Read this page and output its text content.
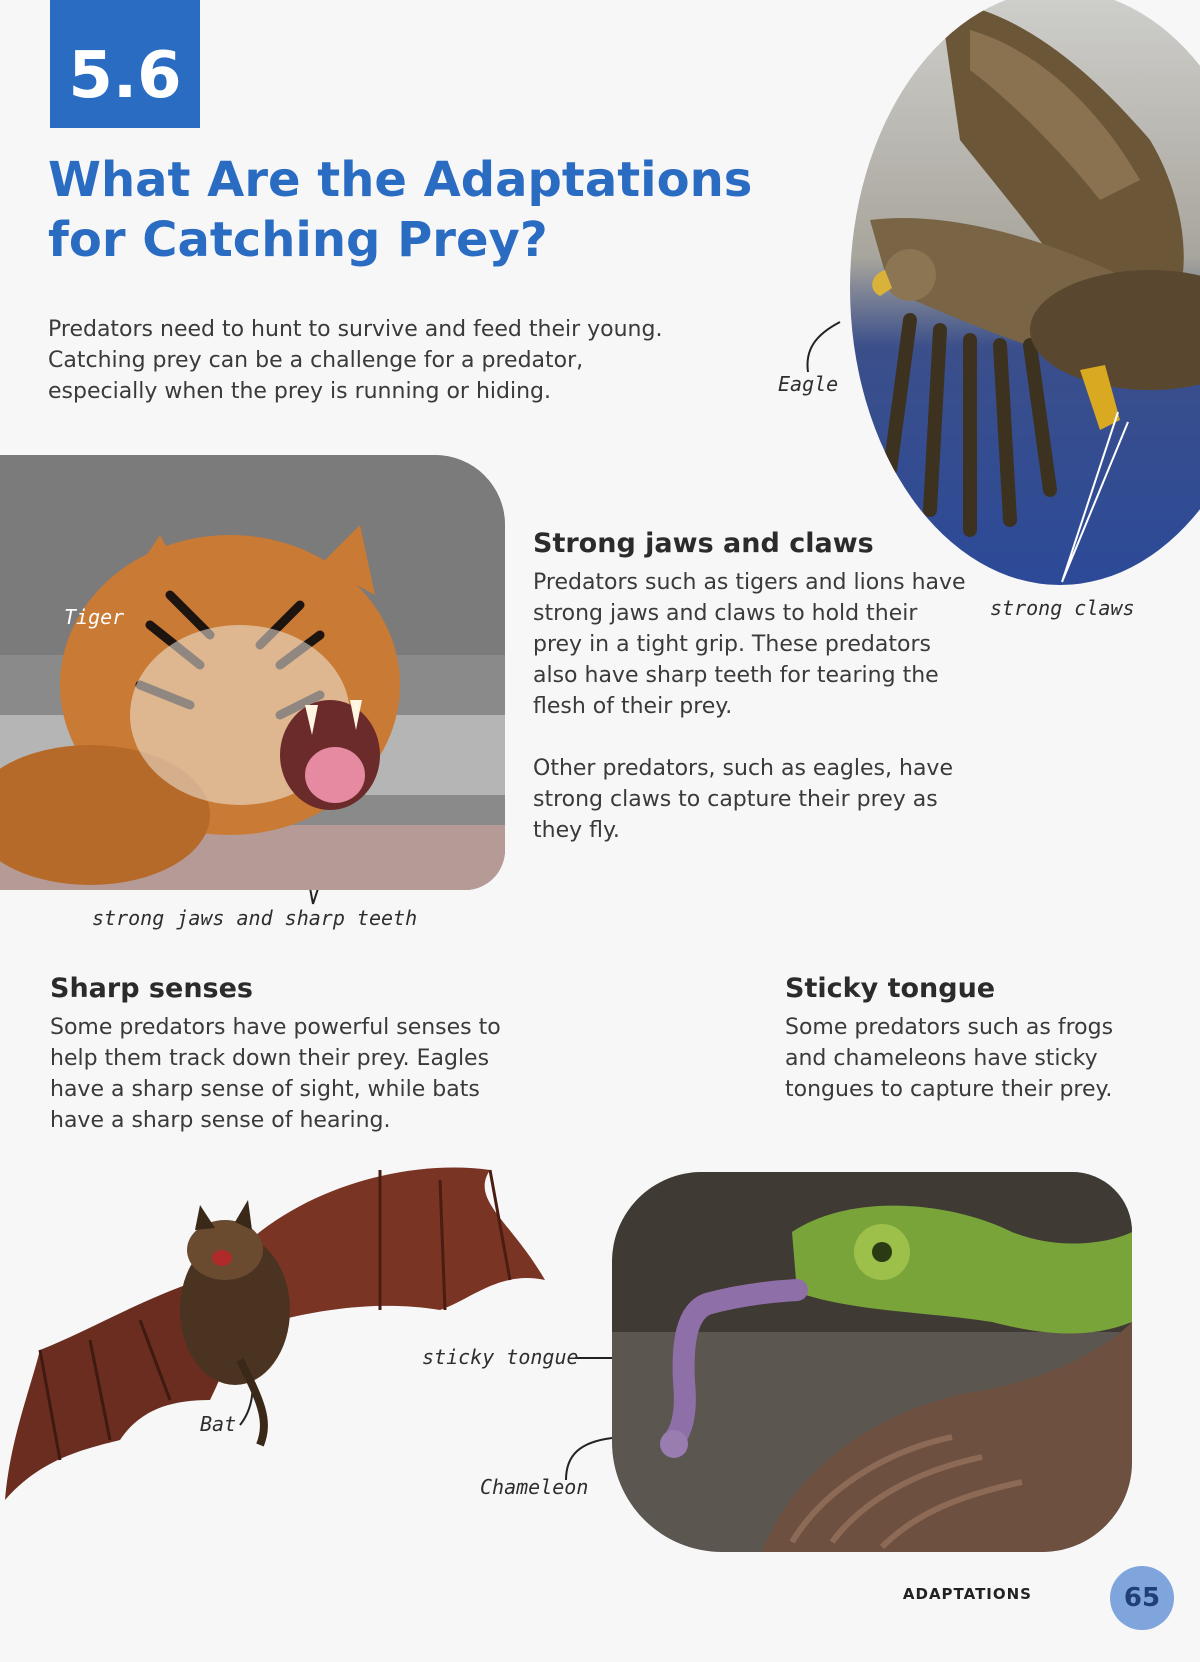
5.6
What Are the Adaptations
for Catching Prey?
Predators need to hunt to survive and feed their young.
Catching prey can be a challenge for a predator,
especially when the prey is running or hiding.	Eagle
strong claws
Tiger
strong jaws and sharp teeth
Strong jaws and claws

Predators such as tigers and lions have strong jaws and claws to hold their prey in a tight grip. These predators also have sharp teeth for tearing the flesh of their prey.

Other predators, such as eagles, have strong claws to capture their prey as they fly.

Sharp senses

Some predators have powerful senses to help them track down their prey. Eagles have a sharp sense of sight, while bats have a sharp sense of hearing.

Sticky tongue

Some predators such as frogs and chameleons have sticky tongues to capture their prey.

Bat
sticky tongue
Chameleon
ADAPTATIONS	65
